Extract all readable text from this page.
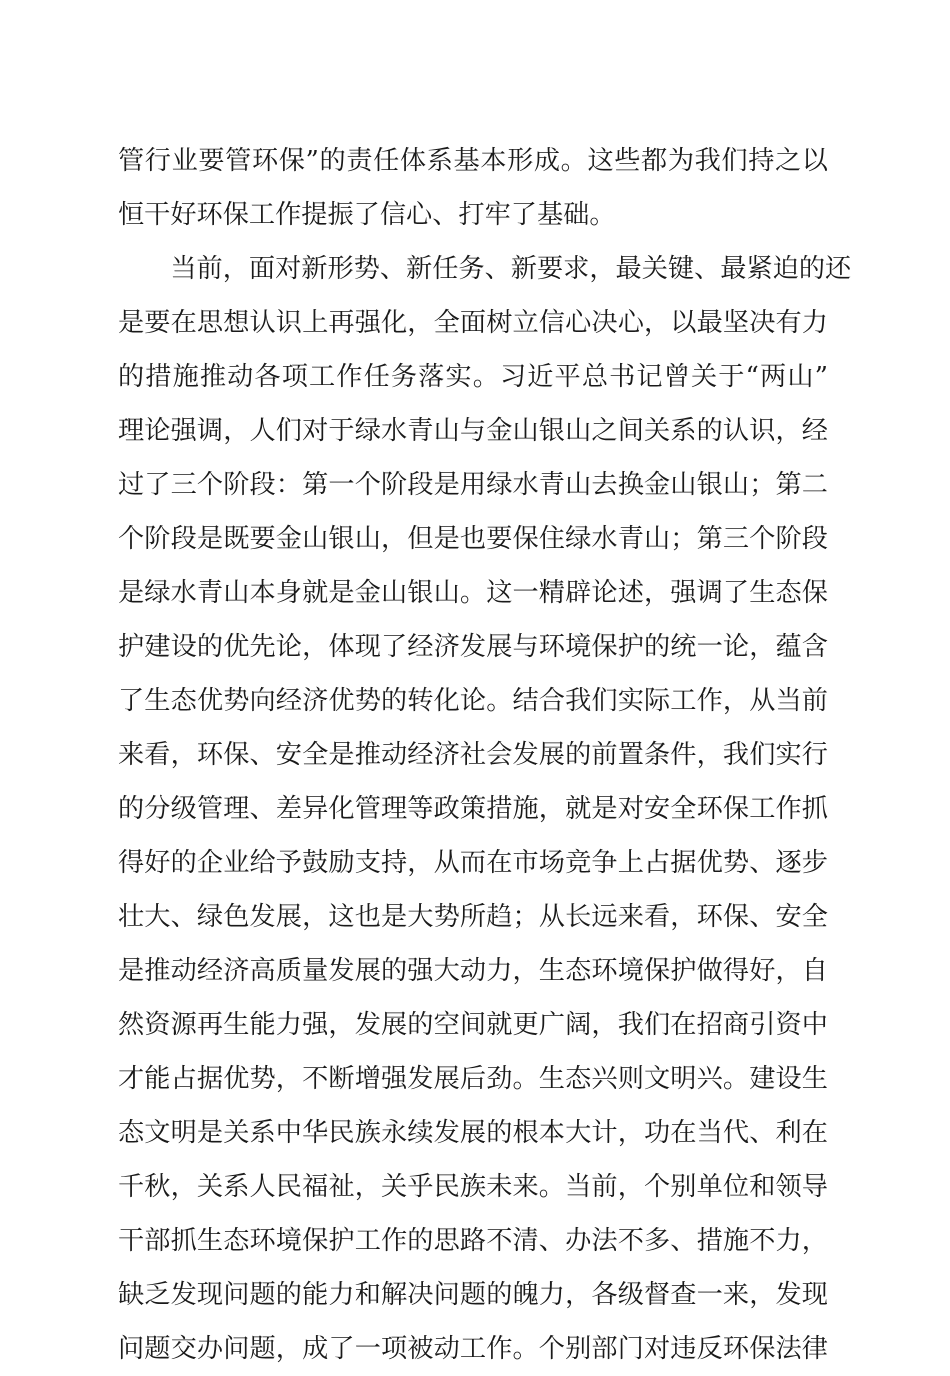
管行业要管环保”的责任体系基本形成。这些都为我们持之以
恒干好环保工作提振了信心、打牢了基础。
　　当前，面对新形势、新任务、新要求，最关键、最紧迫的还
是要在思想认识上再强化，全面树立信心决心，以最坚决有力
的措施推动各项工作任务落实。习近平总书记曾关于“两山”
理论强调，人们对于绿水青山与金山银山之间关系的认识，经
过了三个阶段：第一个阶段是用绿水青山去换金山银山；第二
个阶段是既要金山银山，但是也要保住绿水青山；第三个阶段
是绿水青山本身就是金山银山。这一精辟论述，强调了生态保
护建设的优先论，体现了经济发展与环境保护的统一论，蕴含
了生态优势向经济优势的转化论。结合我们实际工作，从当前
来看，环保、安全是推动经济社会发展的前置条件，我们实行
的分级管理、差异化管理等政策措施，就是对安全环保工作抓
得好的企业给予鼓励支持，从而在市场竞争上占据优势、逐步
壮大、绿色发展，这也是大势所趋；从长远来看，环保、安全
是推动经济高质量发展的强大动力，生态环境保护做得好，自
然资源再生能力强，发展的空间就更广阔，我们在招商引资中
才能占据优势，不断增强发展后劲。生态兴则文明兴。建设生
态文明是关系中华民族永续发展的根本大计，功在当代、利在
千秋，关系人民福祉，关乎民族未来。当前，个别单位和领导
干部抓生态环境保护工作的思路不清、办法不多、措施不力，
缺乏发现问题的能力和解决问题的魄力，各级督查一来，发现
问题交办问题，成了一项被动工作。个别部门对违反环保法律
